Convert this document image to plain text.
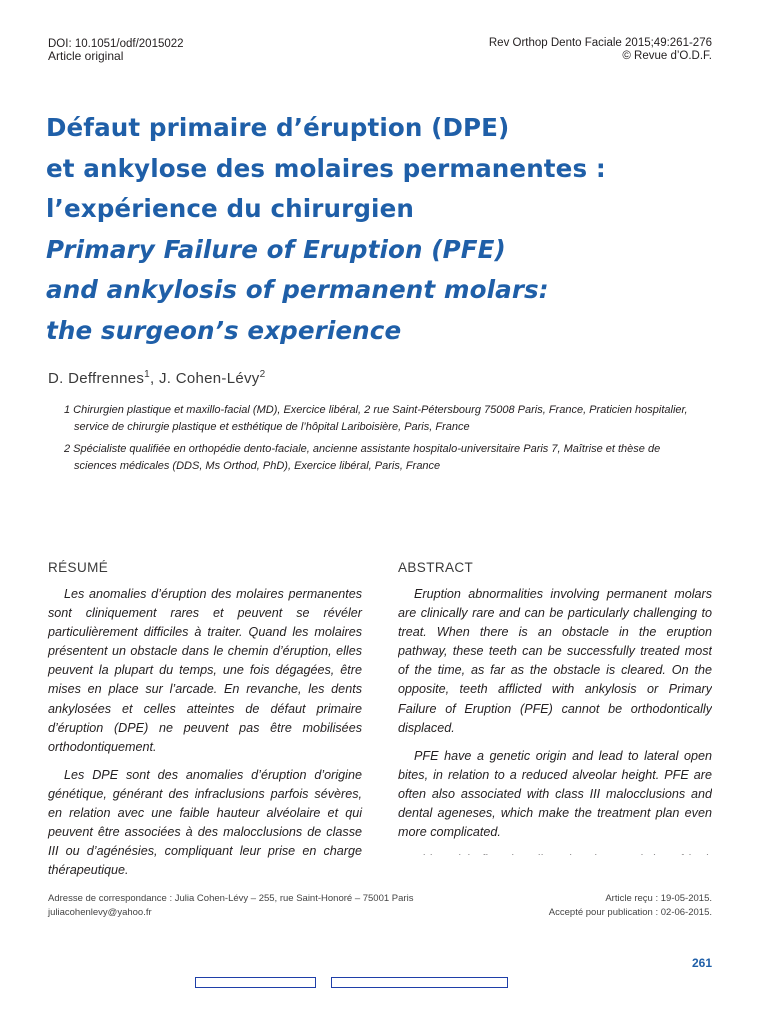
DOI: 10.1051/odf/2015022
Article original
Rev Orthop Dento Faciale 2015;49:261-276
© Revue d’O.D.F.
Défaut primaire d’éruption (DPE)
et ankylose des molaires permanentes :
l’expérience du chirurgien
Primary Failure of Eruption (PFE)
and ankylosis of permanent molars:
the surgeon’s experience
D. Deffrennes$^1$, J. Cohen-Lévy$^2$
1 Chirurgien plastique et maxillo-facial (MD), Exercice libéral, 2 rue Saint-Pétersbourg 75008 Paris, France, Praticien hospitalier,
service de chirurgie plastique et esthétique de l’hôpital Lariboisière, Paris, France
2 Spécialiste qualifiée en orthopédie dento-faciale, ancienne assistante hospitalo-universitaire Paris 7, Maîtrise et thèse de
sciences médicales (DDS, Ms Orthod, PhD), Exercice libéral, Paris, France
RÉSUMÉ	ABSTRACT

Les anomalies d’éruption des molaires permanentes sont cliniquement rares et peuvent se révéler particulièrement difficiles à traiter. Quand les molaires présentent un obstacle dans le chemin d’éruption, elles peuvent la plupart du temps, une fois dégagées, être mises en place sur l’arcade. En revanche, les dents ankylosées et celles atteintes de défaut primaire d’éruption (DPE) ne peuvent pas être mobilisées orthodontiquement.

Les DPE sont des anomalies d’éruption d’origine génétique, générant des infraclusions parfois sévères, en relation avec une faible hauteur alvéolaire et qui peuvent être associées à des malocclusions de classe III ou d’agénésies, compliquant leur prise en charge thérapeutique.

Eruption abnormalities involving permanent molars are clinically rare and can be particularly challenging to treat. When there is an obstacle in the eruption pathway, these teeth can be successfully treated most of the time, as far as the obstacle is cleared. On the opposite, teeth afflicted with ankylosis or Primary Failure of Eruption (PFE) cannot be orthodontically displaced.

PFE have a genetic origin and lead to lateral open bites, in relation to a reduced alveolar height. PFE are often also associated with class III malocclusions and dental ageneses, which make the treatment plan even more complicated.

Adresse de correspondance : Julia Cohen-Lévy – 255, rue Saint-Honoré – 75001 Paris
juliacohenlevy@yahoo.fr
Article reçu : 19-05-2015.
Accepté pour publication : 02-06-2015.
261
